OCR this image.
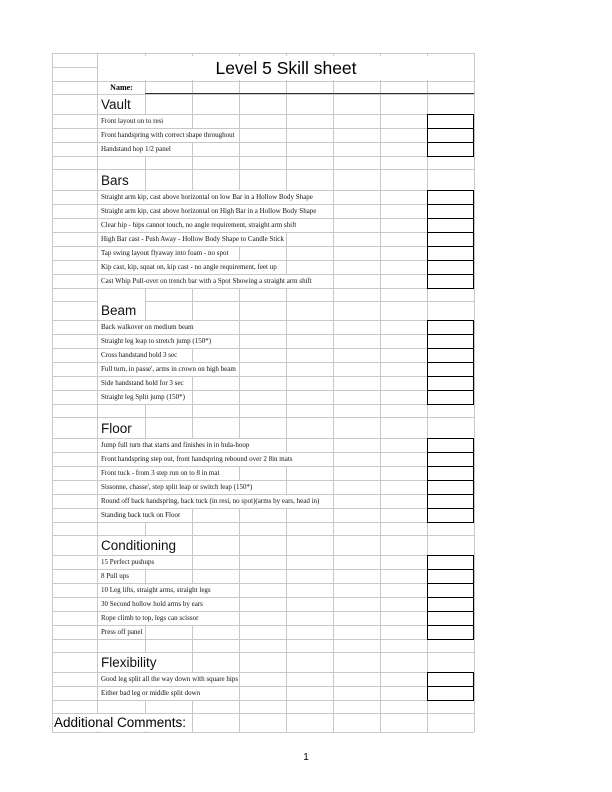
Level 5 Skill sheet
Name:
Vault
Front layout on to resi
Front handspring with correct shape throughout
Handstand hop 1/2 panel
Bars
Straight arm kip, cast above horizontal on low Bar in a Hollow Body Shape
Straight arm kip, cast above horizontal on High Bar in a Hollow Body Shape
Clear hip - hips cannot touch, no angle requirement, straight arm shift
High Bar cast - Push Away - Hollow Body Shape to Candle Stick
Tap swing layout flyaway into foam - no spot
Kip cast, kip, squat on, kip cast - no angle requirement, feet up
Cast Whip Pull-over on trench bar with a Spot Showing a straight arm shift
Beam
Back walkover on medium beam
Straight leg leap to stretch jump (150*)
Cross handstand hold 3 sec
Full turn, in passe', arms in crown on high beam
Side handstand hold for 3 sec
Straight leg Split jump (150*)
Floor
Jump full turn that starts and finishes in in hula-hoop
Front handspring step out, front handspring rebound over 2 8in mats
Front tuck - from 3 step run on to 8 in mat
Sissonne, chasse', step split leap or switch leap (150*)
Round off back handspring, back tuck (in resi, no spot)(arms by ears, head in)
Standing back tuck on Floor
Conditioning
15 Perfect pushups
8 Pull ups
10 Leg lifts, straight arms, straight legs
30 Second hollow hold arms by ears
Rope climb to top, legs can scissor
Press off panel
Flexibility
Good leg split all the way down with square hips
Either bad leg or middle split down
Additional Comments:
1
